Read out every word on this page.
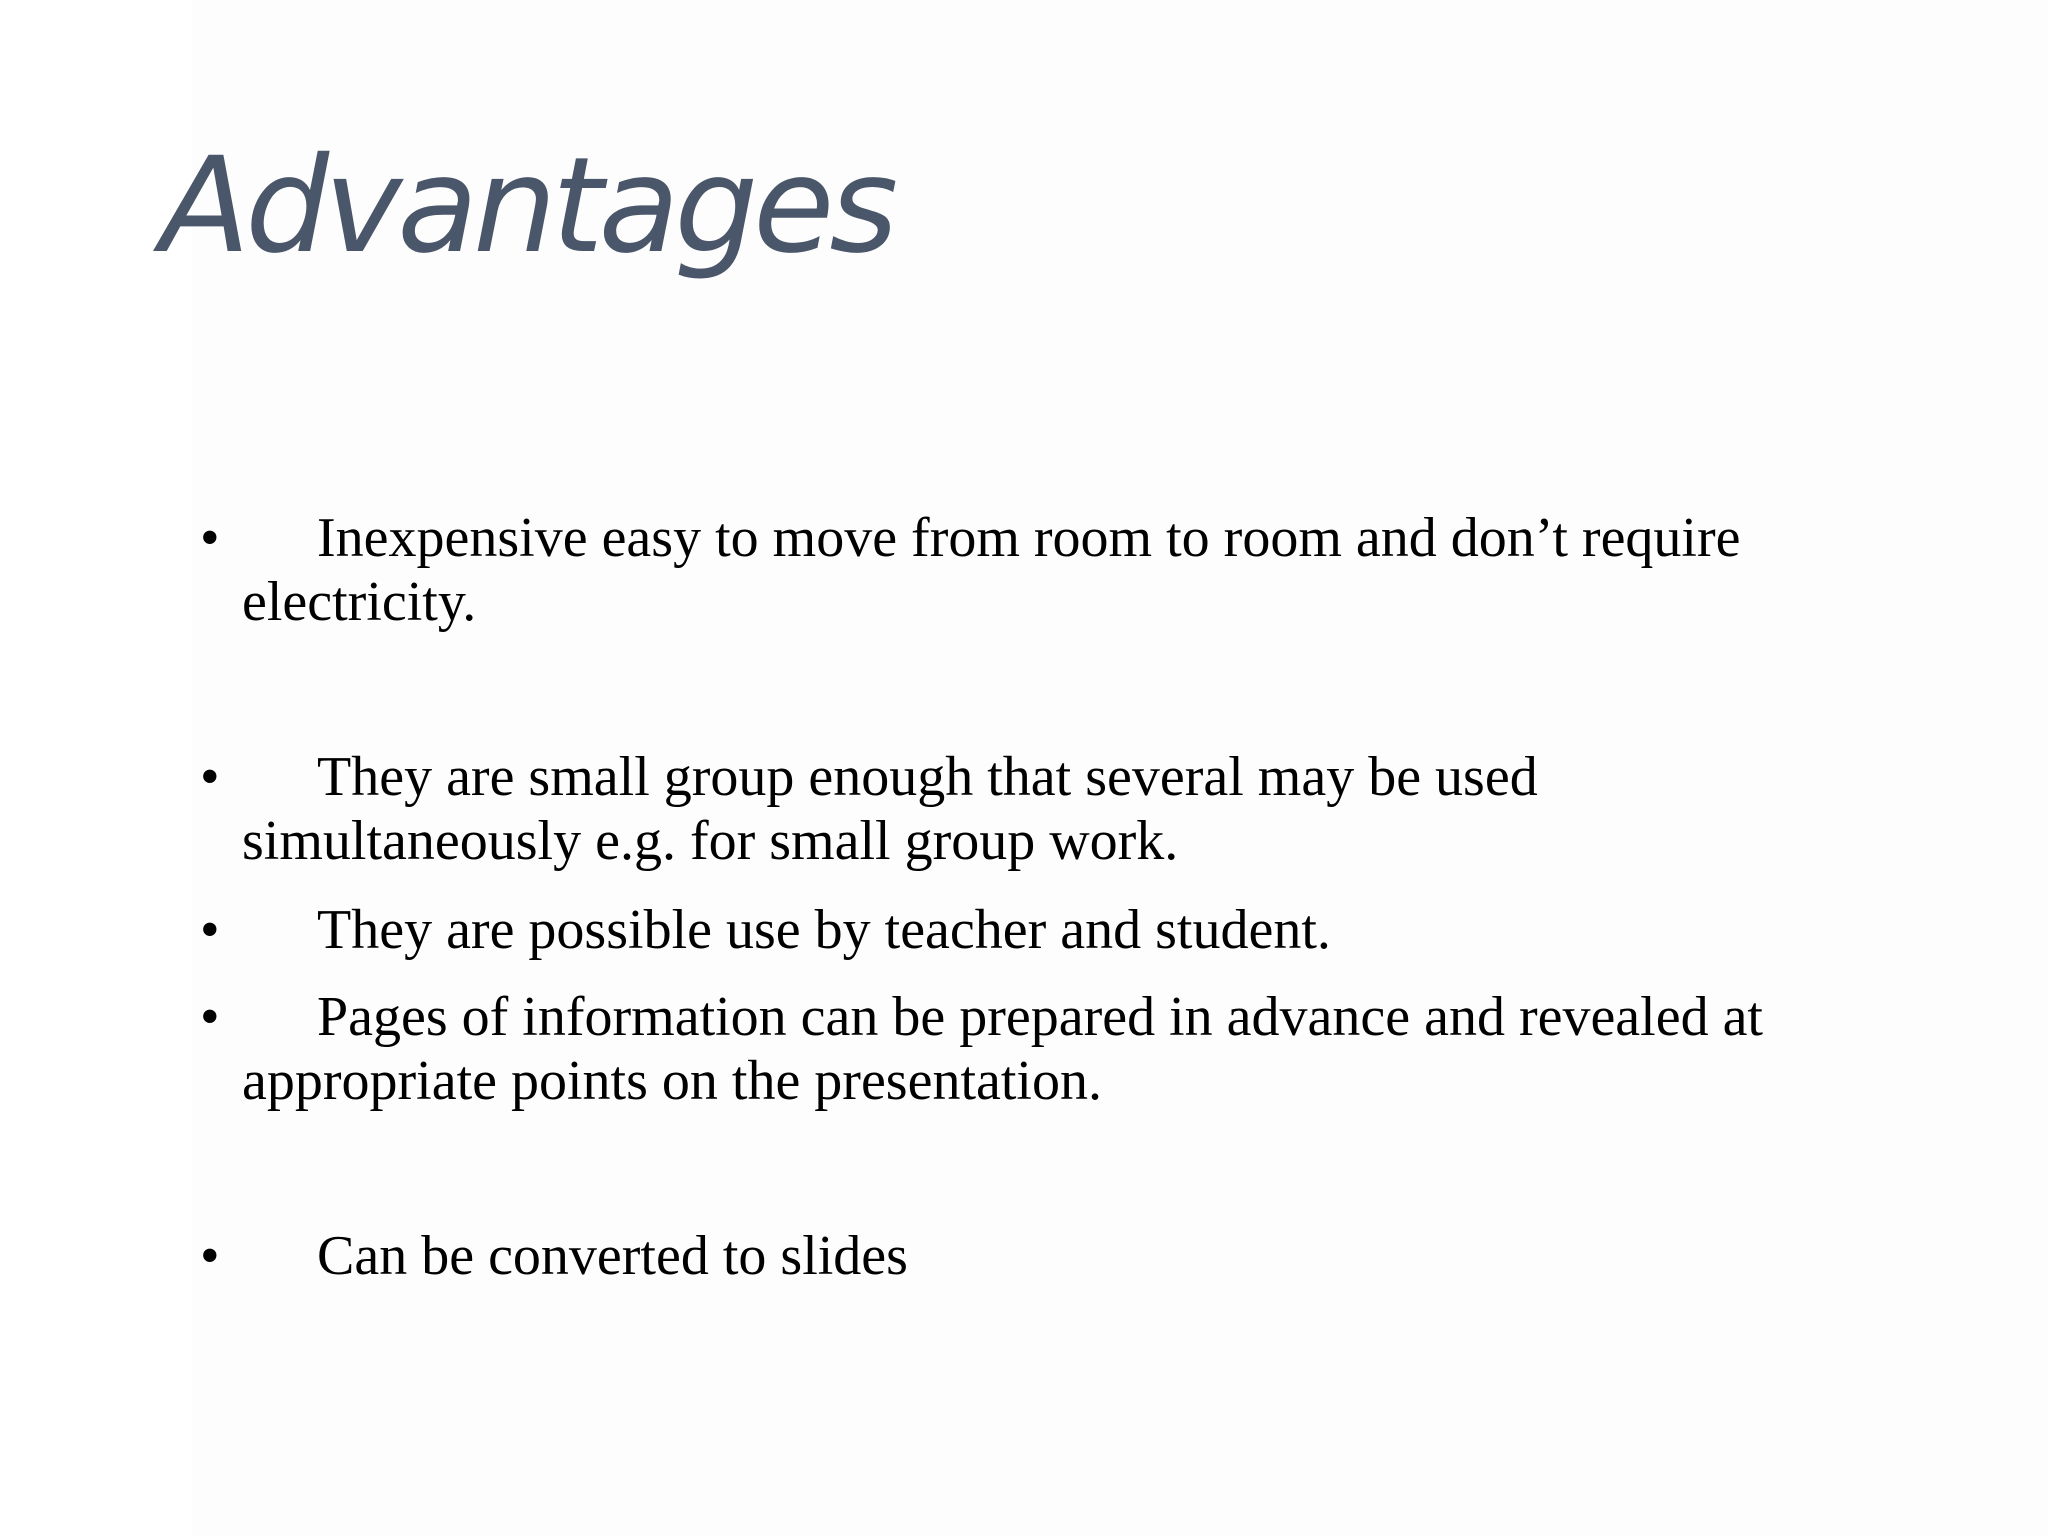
Advantages
•	Inexpensive easy to move from room to room and don’t require electricity.
•	They are small group enough that several may be used simultaneously e.g. for small group work.
•	They are possible use by teacher and student.
•	Pages of information can be prepared in advance and revealed at appropriate points on the presentation.
•	Can be converted to slides
